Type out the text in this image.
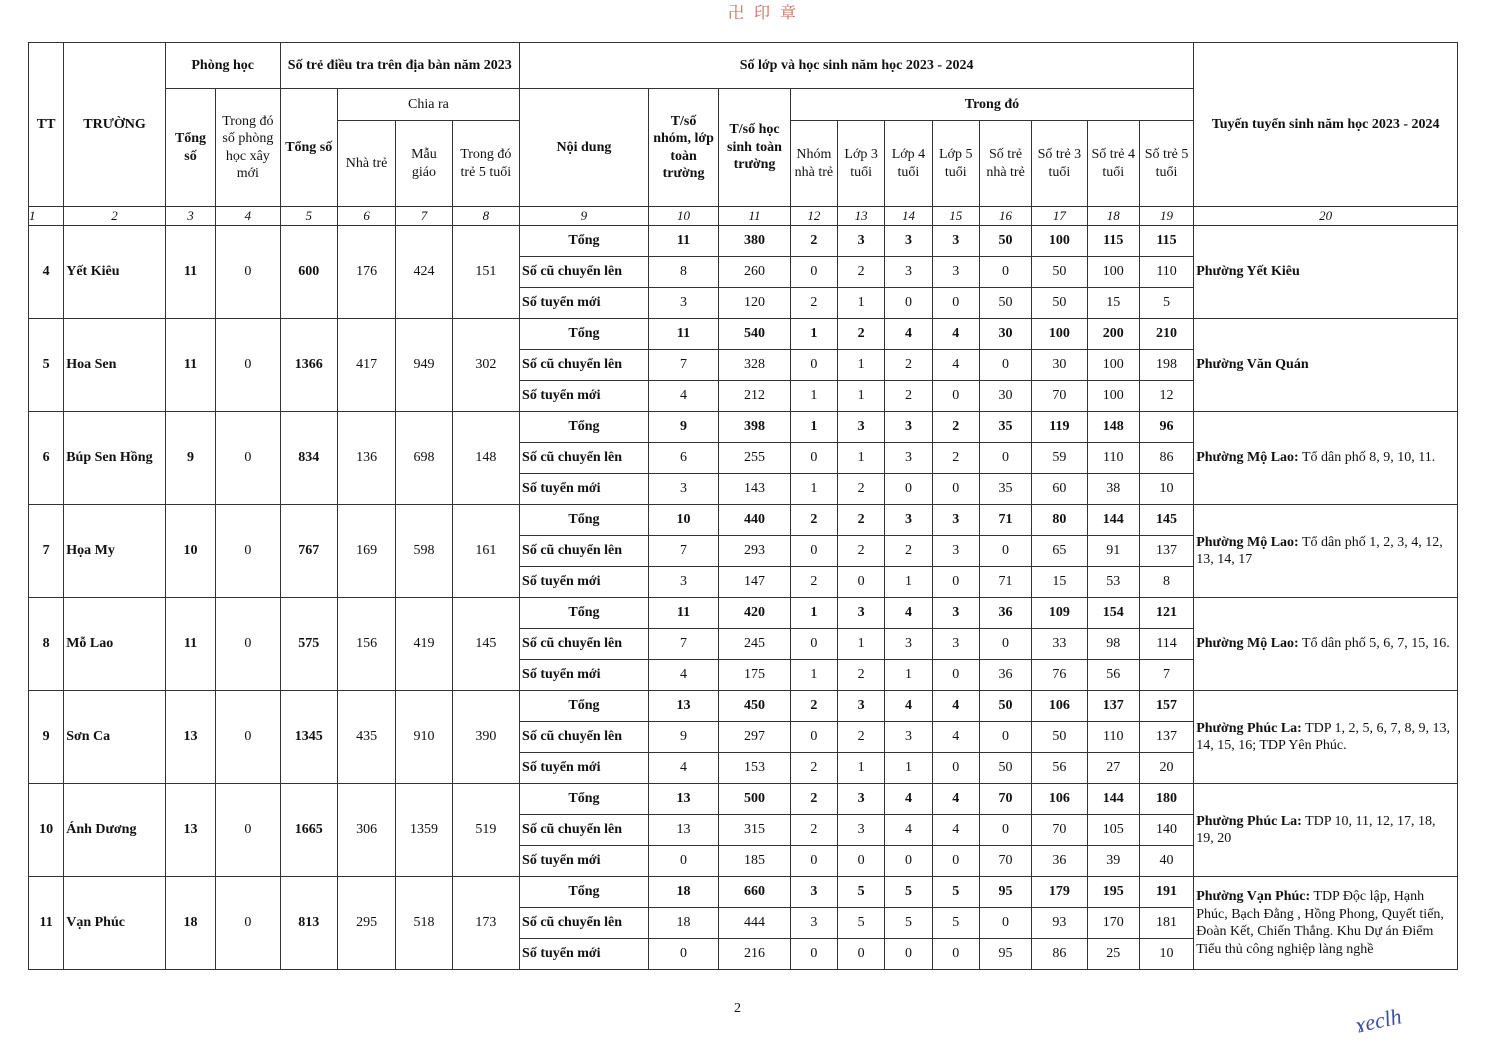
卍 印 章
TT	TRƯỜNG	Phòng học		Số trẻ điều tra trên địa bàn năm 2023				Số lớp và học sinh năm học 2023 - 2024											Tuyến tuyển sinh năm học 2023 - 2024
		Tổng số	Trong đó số phòng học xây mới	Tổng số	Chia ra			Nội dung	T/số nhóm, lớp toàn trường	T/số học sinh toàn trường	Trong đó								
					Nhà trẻ	Mẫu giáo	Trong đó trẻ 5 tuổi				Nhóm nhà trẻ	Lớp 3 tuổi	Lớp 4 tuổi	Lớp 5 tuổi	Số trẻ nhà trẻ	Số trẻ 3 tuổi	Số trẻ 4 tuổi	Số trẻ 5 tuổi	
1	2	3	4	5	6	7	8	9	10	11	12	13	14	15	16	17	18	19	20
4	Yết Kiêu	11	0	600	176	424	151	Tổng	11	380	2	3	3	3	50	100	115	115	Phường Yết Kiêu
								Số cũ chuyển lên	8	260	0	2	3	3	0	50	100	110	
								Số tuyển mới	3	120	2	1	0	0	50	50	15	5	
5	Hoa Sen	11	0	1366	417	949	302	Tổng	11	540	1	2	4	4	30	100	200	210	Phường Văn Quán
								Số cũ chuyển lên	7	328	0	1	2	4	0	30	100	198	
								Số tuyển mới	4	212	1	1	2	0	30	70	100	12	
6	Búp Sen Hồng	9	0	834	136	698	148	Tổng	9	398	1	3	3	2	35	119	148	96	Phường Mộ Lao: Tổ dân phố 8, 9, 10, 11.
								Số cũ chuyển lên	6	255	0	1	3	2	0	59	110	86	
								Số tuyển mới	3	143	1	2	0	0	35	60	38	10	
7	Họa My	10	0	767	169	598	161	Tổng	10	440	2	2	3	3	71	80	144	145	Phường Mộ Lao: Tổ dân phố 1, 2, 3, 4, 12, 13, 14, 17
								Số cũ chuyển lên	7	293	0	2	2	3	0	65	91	137	
								Số tuyển mới	3	147	2	0	1	0	71	15	53	8	
8	Mỗ Lao	11	0	575	156	419	145	Tổng	11	420	1	3	4	3	36	109	154	121	Phường Mộ Lao: Tổ dân phố 5, 6, 7, 15, 16.
								Số cũ chuyển lên	7	245	0	1	3	3	0	33	98	114	
								Số tuyển mới	4	175	1	2	1	0	36	76	56	7	
9	Sơn Ca	13	0	1345	435	910	390	Tổng	13	450	2	3	4	4	50	106	137	157	Phường Phúc La: TDP 1, 2, 5, 6, 7, 8, 9, 13, 14, 15, 16; TDP Yên Phúc.
								Số cũ chuyển lên	9	297	0	2	3	4	0	50	110	137	
								Số tuyển mới	4	153	2	1	1	0	50	56	27	20	
10	Ánh Dương	13	0	1665	306	1359	519	Tổng	13	500	2	3	4	4	70	106	144	180	Phường Phúc La: TDP 10, 11, 12, 17, 18, 19, 20
								Số cũ chuyển lên	13	315	2	3	4	4	0	70	105	140	
								Số tuyển mới	0	185	0	0	0	0	70	36	39	40	
11	Vạn Phúc	18	0	813	295	518	173	Tổng	18	660	3	5	5	5	95	179	195	191	Phường Vạn Phúc: TDP Độc lập, Hạnh Phúc, Bạch Đằng , Hồng Phong, Quyết tiến, Đoàn Kết, Chiến Thắng. Khu Dự án Điểm Tiểu thủ công nghiệp làng nghề
								Số cũ chuyển lên	18	444	3	5	5	5	0	93	170	181	
								Số tuyển mới	0	216	0	0	0	0	95	86	25	10	
2	ɤeclh
